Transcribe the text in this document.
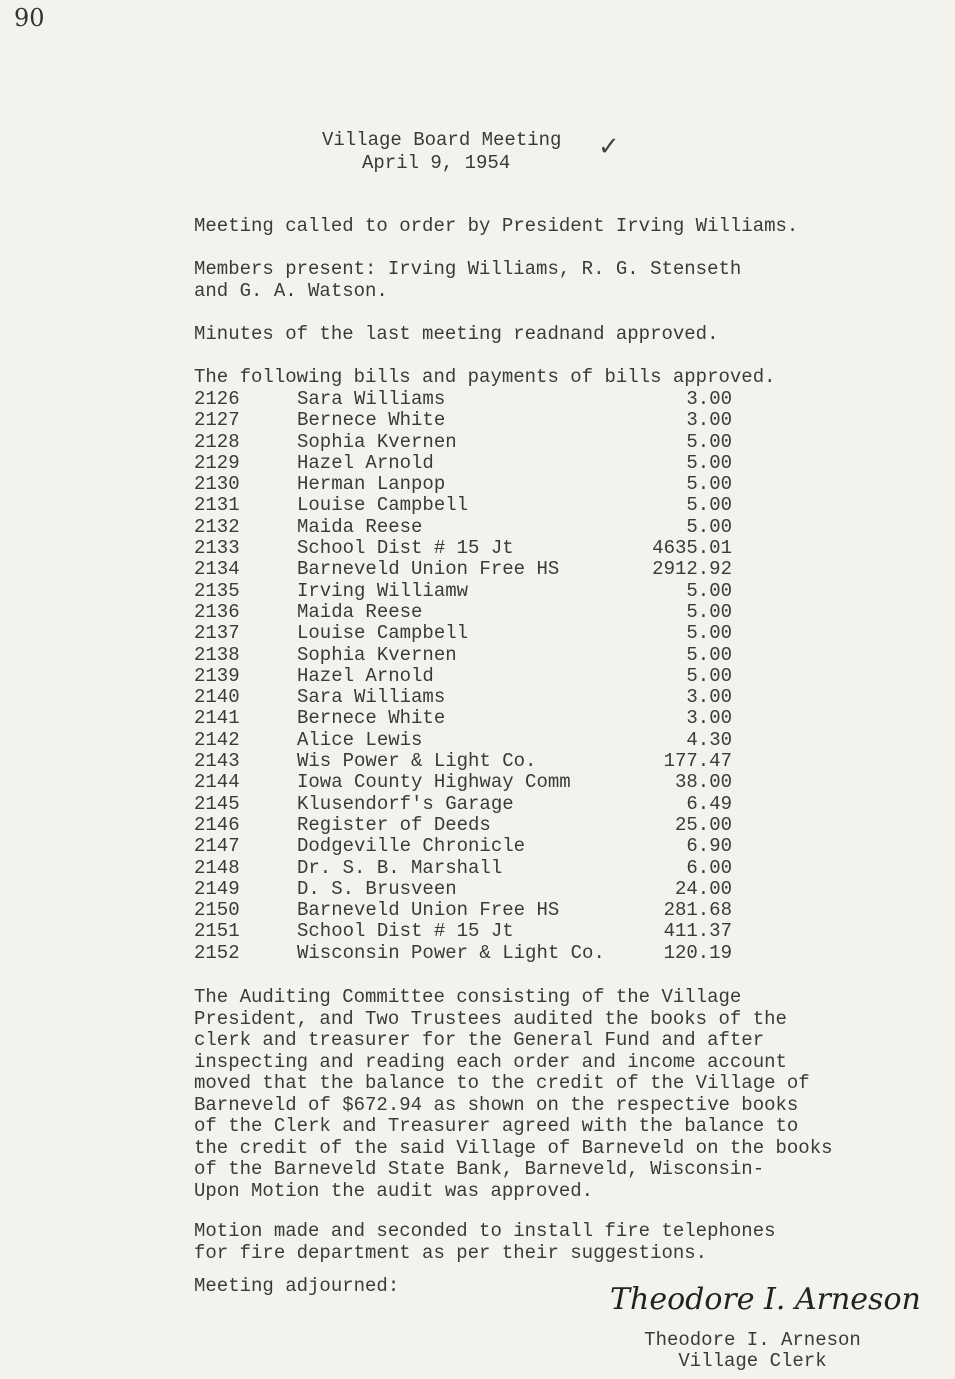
90
Village Board Meeting
April 9, 1954
✓
Meeting called to order by President Irving Williams.
Members present: Irving Williams, R. G. Stenseth
and G. A. Watson.
Minutes of the last meeting readnand approved.
The following bills and payments of bills approved.
2126	Sara Williams	3.00
2127	Bernece White	3.00
2128	Sophia Kvernen	5.00
2129	Hazel Arnold	5.00
2130	Herman Lanpop	5.00
2131	Louise Campbell	5.00
2132	Maida Reese	5.00
2133	School Dist # 15 Jt	4635.01
2134	Barneveld Union Free HS	2912.92
2135	Irving Williamw	5.00
2136	Maida Reese	5.00
2137	Louise Campbell	5.00
2138	Sophia Kvernen	5.00
2139	Hazel Arnold	5.00
2140	Sara Williams	3.00
2141	Bernece White	3.00
2142	Alice Lewis	4.30
2143	Wis Power & Light Co.	177.47
2144	Iowa County Highway Comm	38.00
2145	Klusendorf's Garage	6.49
2146	Register of Deeds	25.00
2147	Dodgeville Chronicle	6.90
2148	Dr. S. B. Marshall	6.00
2149	D. S. Brusveen	24.00
2150	Barneveld Union Free HS	281.68
2151	School Dist # 15 Jt	411.37
2152	Wisconsin Power & Light Co.	120.19
The Auditing Committee consisting of the Village
President, and Two Trustees audited the books of the
clerk and treasurer for the General Fund and after
inspecting and reading each order and income account
moved that the balance to the credit of the Village of
Barneveld of $672.94 as shown on the respective books
of the Clerk and Treasurer agreed with the balance to
the credit of the said Village of Barneveld on the books
of the Barneveld State Bank, Barneveld, Wisconsin-
Upon Motion the audit was approved.
Motion made and seconded to install fire telephones
for fire department as per their suggestions.
Meeting adjourned:	Theodore I. Arneson
Theodore I. Arneson
Village Clerk
